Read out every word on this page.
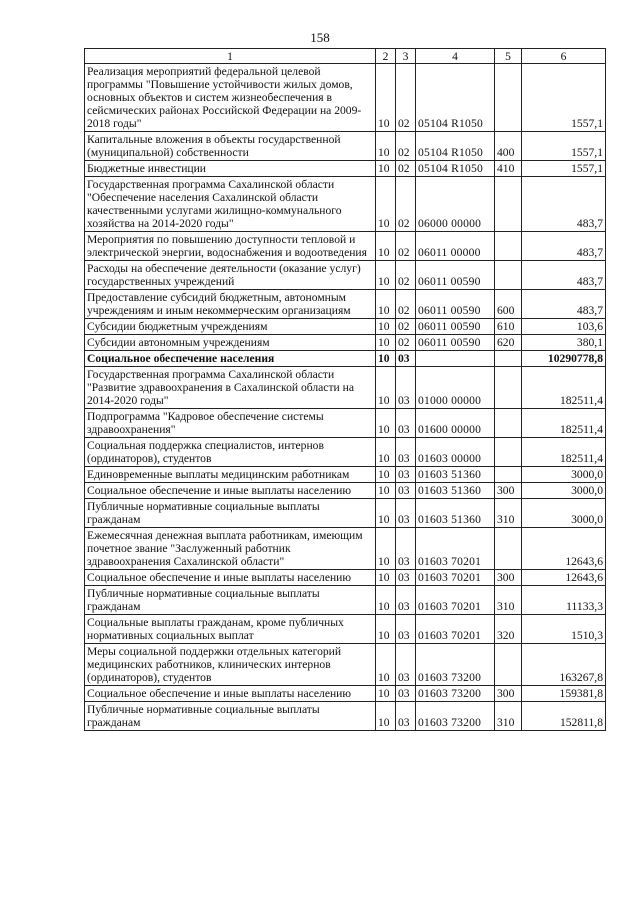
158
1	2	3	4	5	6
Реализация мероприятий федеральной целевой программы "Повышение устойчивости жилых домов, основных объектов и систем жизнеобеспечения в сейсмических районах Российской Федерации на 2009-2018 годы"	10	02	05104 R1050		1557,1
Капитальные вложения в объекты государственной (муниципальной) собственности	10	02	05104 R1050	400	1557,1
Бюджетные инвестиции	10	02	05104 R1050	410	1557,1
Государственная программа Сахалинской области "Обеспечение населения Сахалинской области качественными услугами жилищно-коммунального хозяйства на 2014-2020 годы"	10	02	06000 00000		483,7
Мероприятия по повышению доступности тепловой и электрической энергии, водоснабжения и водоотведения	10	02	06011 00000		483,7
Расходы на обеспечение деятельности (оказание услуг) государственных учреждений	10	02	06011 00590		483,7
Предоставление субсидий бюджетным, автономным учреждениям и иным некоммерческим организациям	10	02	06011 00590	600	483,7
Субсидии бюджетным учреждениям	10	02	06011 00590	610	103,6
Субсидии автономным учреждениям	10	02	06011 00590	620	380,1
Социальное обеспечение населения	10	03			10290778,8
Государственная программа Сахалинской области "Развитие здравоохранения в Сахалинской области на 2014-2020 годы"	10	03	01000 00000		182511,4
Подпрограмма "Кадровое обеспечение системы здравоохранения"	10	03	01600 00000		182511,4
Социальная поддержка специалистов, интернов (ординаторов), студентов	10	03	01603 00000		182511,4
Единовременные выплаты медицинским работникам	10	03	01603 51360		3000,0
Социальное обеспечение и иные выплаты населению	10	03	01603 51360	300	3000,0
Публичные нормативные социальные выплаты гражданам	10	03	01603 51360	310	3000,0
Ежемесячная денежная выплата работникам, имеющим почетное звание "Заслуженный работник здравоохранения Сахалинской области"	10	03	01603 70201		12643,6
Социальное обеспечение и иные выплаты населению	10	03	01603 70201	300	12643,6
Публичные нормативные социальные выплаты гражданам	10	03	01603 70201	310	11133,3
Социальные выплаты гражданам, кроме публичных нормативных социальных выплат	10	03	01603 70201	320	1510,3
Меры социальной поддержки отдельных категорий медицинских работников, клинических интернов (ординаторов), студентов	10	03	01603 73200		163267,8
Социальное обеспечение и иные выплаты населению	10	03	01603 73200	300	159381,8
Публичные нормативные социальные выплаты гражданам	10	03	01603 73200	310	152811,8
